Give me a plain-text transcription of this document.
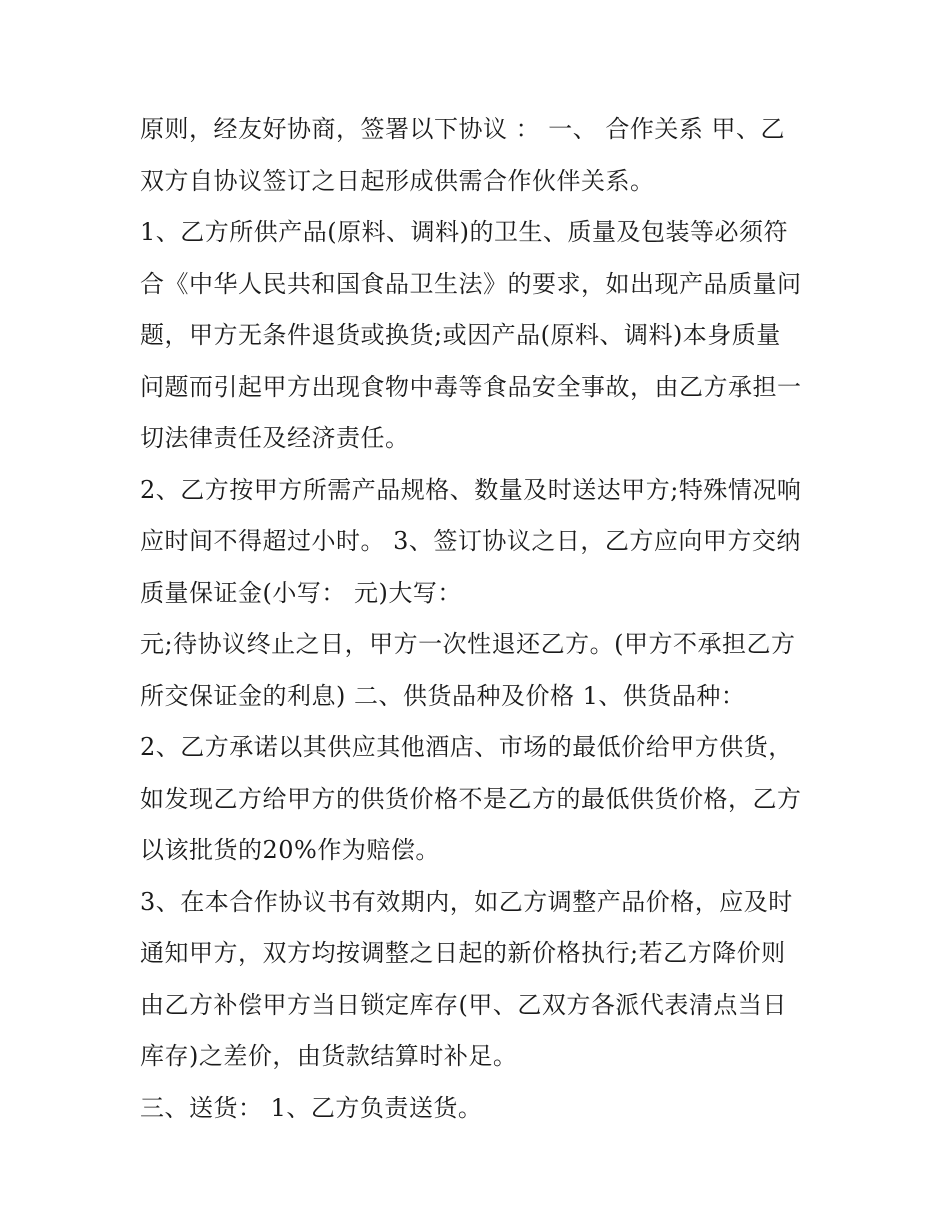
原则，经友好协商，签署以下协议 ： 一、 合作关系 甲、乙
双方自协议签订之日起形成供需合作伙伴关系。
1、乙方所供产品(原料、调料)的卫生、质量及包装等必须符
合《中华人民共和国食品卫生法》的要求，如出现产品质量问
题，甲方无条件退货或换货;或因产品(原料、调料)本身质量
问题而引起甲方出现食物中毒等食品安全事故，由乙方承担一
切法律责任及经济责任。
2、乙方按甲方所需产品规格、数量及时送达甲方;特殊情况响
应时间不得超过小时。 3、签订协议之日，乙方应向甲方交纳
质量保证金(小写： 元)大写：
元;待协议终止之日，甲方一次性退还乙方。(甲方不承担乙方
所交保证金的利息) 二、供货品种及价格 1、供货品种：
2、乙方承诺以其供应其他酒店、市场的最低价给甲方供货，
如发现乙方给甲方的供货价格不是乙方的最低供货价格，乙方
以该批货的20%作为赔偿。
3、在本合作协议书有效期内，如乙方调整产品价格，应及时
通知甲方，双方均按调整之日起的新价格执行;若乙方降价则
由乙方补偿甲方当日锁定库存(甲、乙双方各派代表清点当日
库存)之差价，由货款结算时补足。
三、送货： 1、乙方负责送货。
